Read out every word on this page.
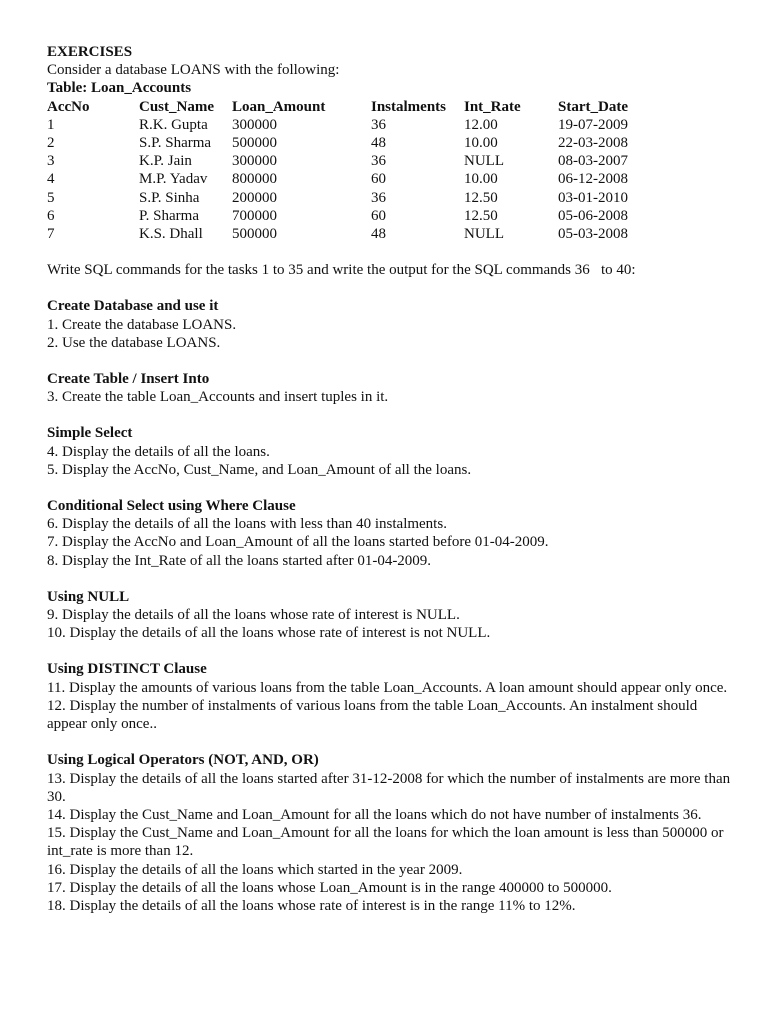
EXERCISES
Consider a database LOANS with the following:
Table: Loan_Accounts
AccNo	Cust_Name	Loan_Amount	Instalments	Int_Rate	Start_Date
1	R.K. Gupta	300000	36	12.00	19-07-2009
2	S.P. Sharma	500000	48	10.00	22-03-2008
3	K.P. Jain	300000	36	NULL	08-03-2007
4	M.P. Yadav	800000	60	10.00	06-12-2008
5	S.P. Sinha	200000	36	12.50	03-01-2010
6	P. Sharma	700000	60	12.50	05-06-2008
7	K.S. Dhall	500000	48	NULL	05-03-2008
Write SQL commands for the tasks 1 to 35 and write the output for the SQL commands 36   to 40:
Create Database and use it
1. Create the database LOANS.
2. Use the database LOANS.
Create Table / Insert Into
3. Create the table Loan_Accounts and insert tuples in it.
Simple Select
4. Display the details of all the loans.
5. Display the AccNo, Cust_Name, and Loan_Amount of all the loans.
Conditional Select using Where Clause
6. Display the details of all the loans with less than 40 instalments.
7. Display the AccNo and Loan_Amount of all the loans started before 01-04-2009.
8. Display the Int_Rate of all the loans started after 01-04-2009.
Using NULL
9. Display the details of all the loans whose rate of interest is NULL.
10. Display the details of all the loans whose rate of interest is not NULL.
Using DISTINCT Clause
11. Display the amounts of various loans from the table Loan_Accounts. A loan amount should appear only once.
12. Display the number of instalments of various loans from the table Loan_Accounts. An instalment should appear only once..
Using Logical Operators (NOT, AND, OR)
13. Display the details of all the loans started after 31-12-2008 for which the number of instalments are more than 30.
14. Display the Cust_Name and Loan_Amount for all the loans which do not have number of instalments 36.
15. Display the Cust_Name and Loan_Amount for all the loans for which the loan amount is less than 500000 or int_rate is more than 12.
16. Display the details of all the loans which started in the year 2009.
17. Display the details of all the loans whose Loan_Amount is in the range 400000 to 500000.
18. Display the details of all the loans whose rate of interest is in the range 11% to 12%.
